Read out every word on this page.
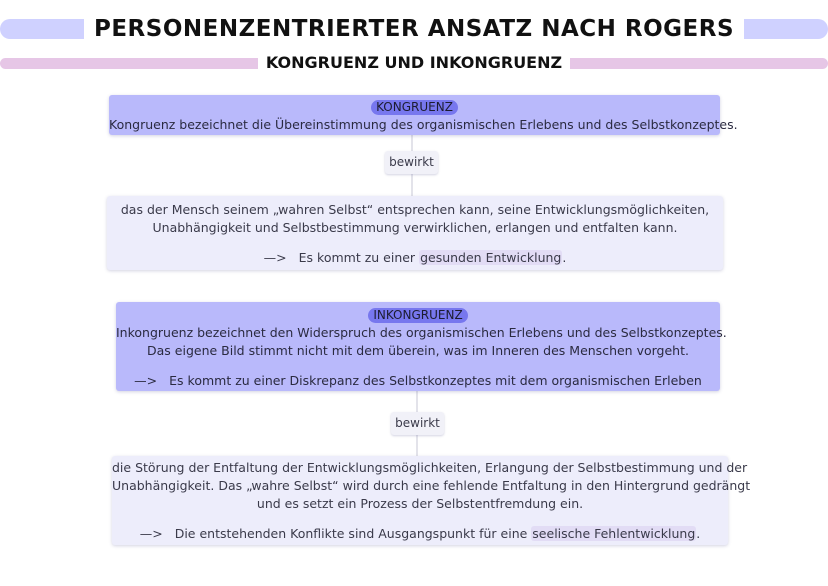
PERSONENZENTRIERTER ANSATZ NACH ROGERS
KONGRUENZ UND INKONGRUENZ
KONGRUENZ
Kongruenz bezeichnet die Übereinstimmung des organismischen Erlebens und des Selbstkonzeptes.
bewirkt
das der Mensch seinem „wahren Selbst“ entsprechen kann, seine Entwicklungsmöglichkeiten,
Unabhängigkeit und Selbstbestimmung verwirklichen, erlangen und entfalten kann.
—> Es kommt zu einer gesunden Entwicklung.
INKONGRUENZ
Inkongruenz bezeichnet den Widerspruch des organismischen Erlebens und des Selbstkonzeptes.
Das eigene Bild stimmt nicht mit dem überein, was im Inneren des Menschen vorgeht.
—> Es kommt zu einer Diskrepanz des Selbstkonzeptes mit dem organismischen Erleben
bewirkt
die Störung der Entfaltung der Entwicklungsmöglichkeiten, Erlangung der Selbstbestimmung und der
Unabhängigkeit. Das „wahre Selbst“ wird durch eine fehlende Entfaltung in den Hintergrund gedrängt
und es setzt ein Prozess der Selbstentfremdung ein.
—> Die entstehenden Konflikte sind Ausgangspunkt für eine seelische Fehlentwicklung.
